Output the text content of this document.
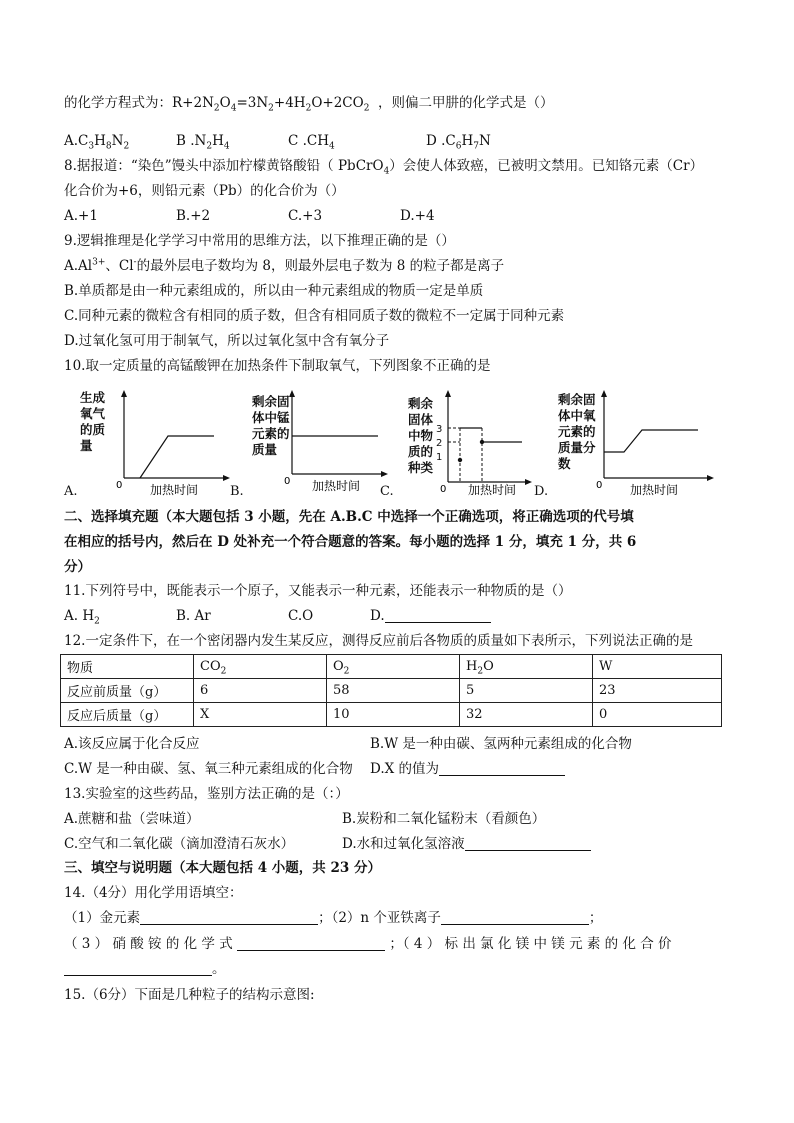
的化学方程式为：$R+2N_2O_4=3N_2+4H_2O+2CO_2$ ，则偏二甲肼的化学式是（）
$A.C_3H_8N_2$	B $.N_2H_4$	C $.CH_4$	D $.C_6H_7N$
8.据报道：“染色”馒头中添加柠檬黄铬酸铅（ PbCrO$_4$）会使人体致癌，已被明文禁用。已知铬元素（Cr）
化合价为+6，则铅元素（Pb）的化合价为（）
A.+1	B.+2	C.+3	D.+4
9.逻辑推理是化学学习中常用的思维方法，以下推理正确的是（）
$A.Al^{3+}$、Cl-的最外层电子数均为 8，则最外层电子数为 8 的粒子都是离子
B.单质都是由一种元素组成的，所以由一种元素组成的物质一定是单质
C.同种元素的微粒含有相同的质子数，但含有相同质子数的微粒不一定属于同种元素
D.过氧化氢可用于制氧气，所以过氧化氢中含有氧分子
10.取一定质量的高锰酸钾在加热条件下制取氧气，下列图象不正确的是
生成
氧气
的质
量
0 加热时间
A.
剩余固
体中锰
元素的
质量
0 加热时间
B.
剩余
固体
中物
质的
种类
3
2
1
0 加热时间
C.
剩余固
体中氧
元素的
质量分
数
0 加热时间
D.
二、选择填充题（本大题包括 3 小题，先在 A.B.C 中选择一个正确选项，将正确选项的代号填
在相应的括号内，然后在 D 处补充一个符合题意的答案。每小题的选择 1 分，填充 1 分，共 6
分）
11.下列符号中，既能表示一个原子，又能表示一种元素，还能表示一种物质的是（）
A. $H_2$	B. Ar	C.O	D.
12.一定条件下，在一个密闭器内发生某反应，测得反应前后各物质的质量如下表所示，下列说法正确的是
物质	$CO_2$	$O_2$	$H_2O$	W
反应前质量（g）	6	58	5	23
反应后质量（g）	X	10	32	0
A.该反应属于化合反应	B.W 是一种由碳、氢两种元素组成的化合物
C.W 是一种由碳、氢、氧三种元素组成的化合物 D.X 的值为
13.实验室的这些药品，鉴别方法正确的是（：）
A.蔗糖和盐（尝味道）	B.炭粉和二氧化锰粉末（看颜色）
C.空气和二氧化碳（滴加澄清石灰水）	D.水和过氧化氢溶液
三、填空与说明题（本大题包括 4 小题，共 23 分）
14.（4分）用化学用语填空：
（1）金元素	；（2）n 个亚铁离子	；
（ 3 ） 硝 酸 铵 的 化 学 式	；（ 4 ） 标 出 氯 化 镁 中 镁 元 素 的 化 合 价
。
15.（6分）下面是几种粒子的结构示意图:
